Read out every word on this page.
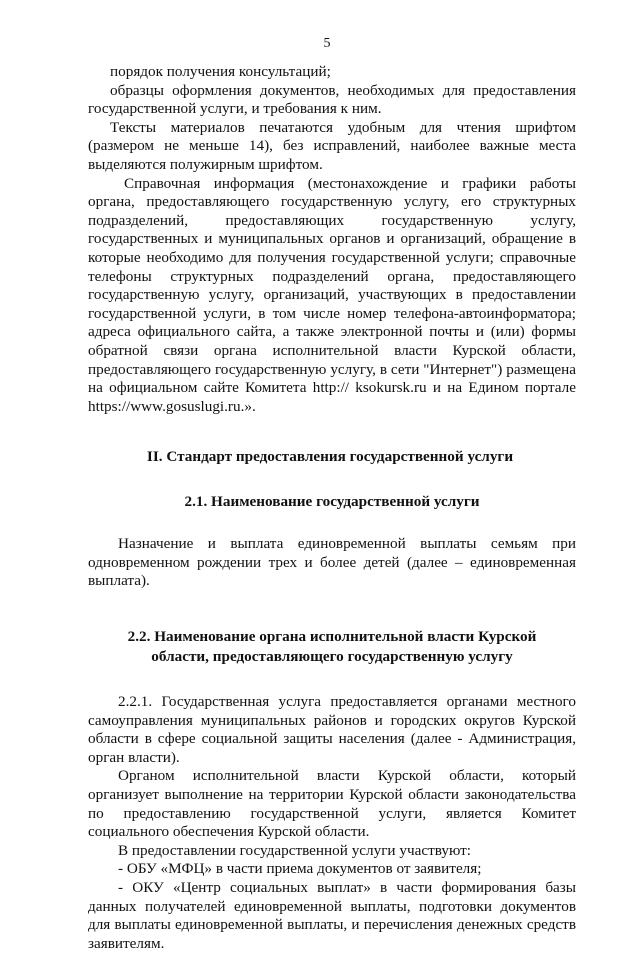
5

порядок получения консультаций;

образцы оформления документов, необходимых для предоставления государственной услуги, и требования к ним.

Тексты материалов печатаются удобным для чтения шрифтом (размером не меньше 14), без исправлений, наиболее важные места выделяются полужирным шрифтом.

Справочная информация (местонахождение и графики работы органа, предоставляющего государственную услугу, его структурных подразделений, предоставляющих государственную услугу, государственных и муниципальных органов и организаций, обращение в которые необходимо для получения государственной услуги; справочные телефоны структурных подразделений органа, предоставляющего государственную услугу, организаций, участвующих в предоставлении государственной услуги, в том числе номер телефона-автоинформатора; адреса официального сайта, а также электронной почты и (или) формы обратной связи органа исполнительной власти Курской области, предоставляющего государственную услугу, в сети "Интернет") размещена на официальном сайте Комитета http:// ksokursk.ru и на Едином портале https://www.gosuslugi.ru.».

II. Стандарт предоставления государственной услуги

2.1. Наименование государственной услуги

Назначение и выплата единовременной выплаты семьям при одновременном рождении трех и более детей (далее – единовременная выплата).

2.2. Наименование органа исполнительной власти Курской
области, предоставляющего государственную услугу

2.2.1. Государственная услуга предоставляется органами местного самоуправления муниципальных районов и городских округов Курской области в сфере социальной защиты населения (далее - Администрация, орган власти).

Органом исполнительной власти Курской области, который организует выполнение на территории Курской области законодательства по предоставлению государственной услуги, является Комитет социального обеспечения Курской области.

В предоставлении государственной услуги участвуют:

- ОБУ «МФЦ» в части приема документов от заявителя;

- ОКУ «Центр социальных выплат» в части формирования базы данных получателей единовременной выплаты, подготовки документов для выплаты единовременной выплаты, и перечисления денежных средств заявителям.
